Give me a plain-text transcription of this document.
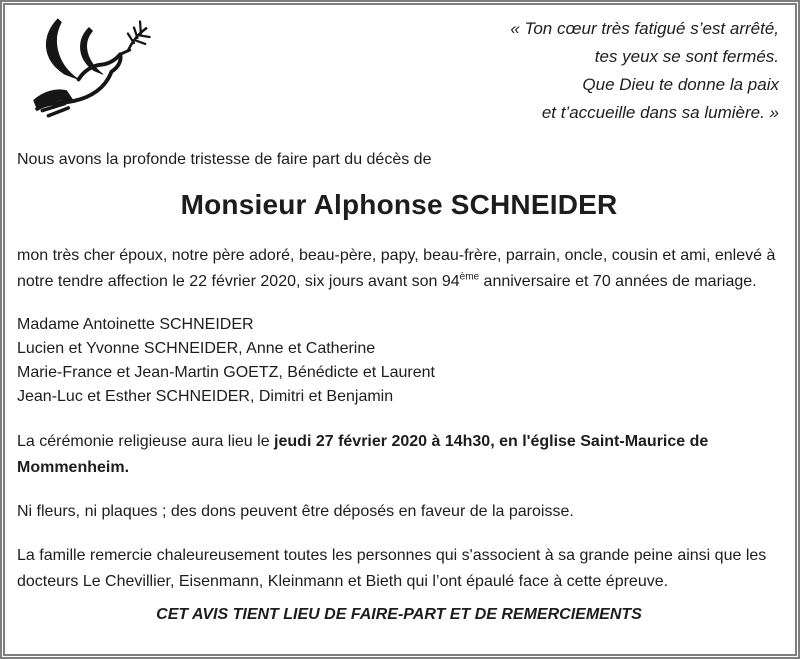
« Ton cœur très fatigué s’est arrêté,
tes yeux se sont fermés.
Que Dieu te donne la paix
et t’accueille dans sa lumière. »

Nous avons la profonde tristesse de faire part du décès de

Monsieur Alphonse SCHNEIDER

mon très cher époux, notre père adoré, beau-père, papy, beau-frère, parrain, oncle, cousin et ami, enlevé à notre tendre affection le 22 février 2020, six jours avant son 94ème anniversaire et 70 années de mariage.

Madame Antoinette SCHNEIDER
Lucien et Yvonne SCHNEIDER, Anne et Catherine
Marie-France et Jean-Martin GOETZ, Bénédicte et Laurent
Jean-Luc et Esther SCHNEIDER, Dimitri et Benjamin

La cérémonie religieuse aura lieu le jeudi 27 février 2020 à 14h30, en l'église Saint-Maurice de Mommenheim.

Ni fleurs, ni plaques ; des dons peuvent être déposés en faveur de la paroisse.

La famille remercie chaleureusement toutes les personnes qui s'associent à sa grande peine ainsi que les docteurs Le Chevillier, Eisenmann, Kleinmann et Bieth qui l’ont épaulé face à cette épreuve.

CET AVIS TIENT LIEU DE FAIRE-PART ET DE REMERCIEMENTS
